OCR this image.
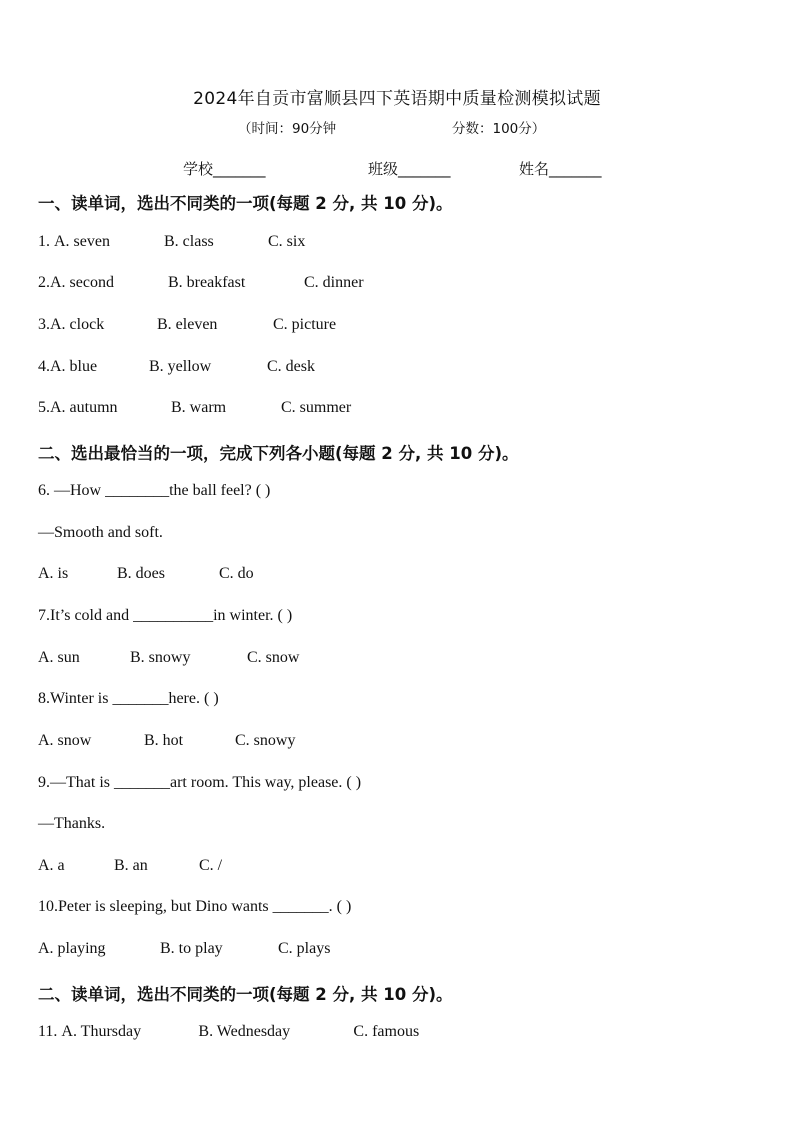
2024年自贡市富顺县四下英语期中质量检测模拟试题
（时间：90分钟	分数：100分）
学校_______	班级_______	姓名_______
一、读单词，选出不同类的一项(每题 2 分, 共 10 分)。
1. A. seven	B. class	C. six
2.A. second	B. breakfast	C. dinner
3.A. clock	B. eleven	C. picture
4.A. blue	B. yellow	C. desk
5.A. autumn	B. warm	C. summer
二、选出最恰当的一项，完成下列各小题(每题 2 分, 共 10 分)。
6. —How ________the ball feel? ( )
—Smooth and soft.
A. is	B. does	C. do
7.It’s cold and __________in winter. ( )
A. sun	B. snowy	C. snow
8.Winter is _______here. ( )
A. snow	B. hot	C. snowy
9.—That is _______art room. This way, please. ( )
—Thanks.
A. a	B. an	C. /
10.Peter is sleeping, but Dino wants _______. ( )
A. playing	B. to play	C. plays
二、读单词，选出不同类的一项(每题 2 分, 共 10 分)。
11. A. Thursday	B. Wednesday	C. famous
